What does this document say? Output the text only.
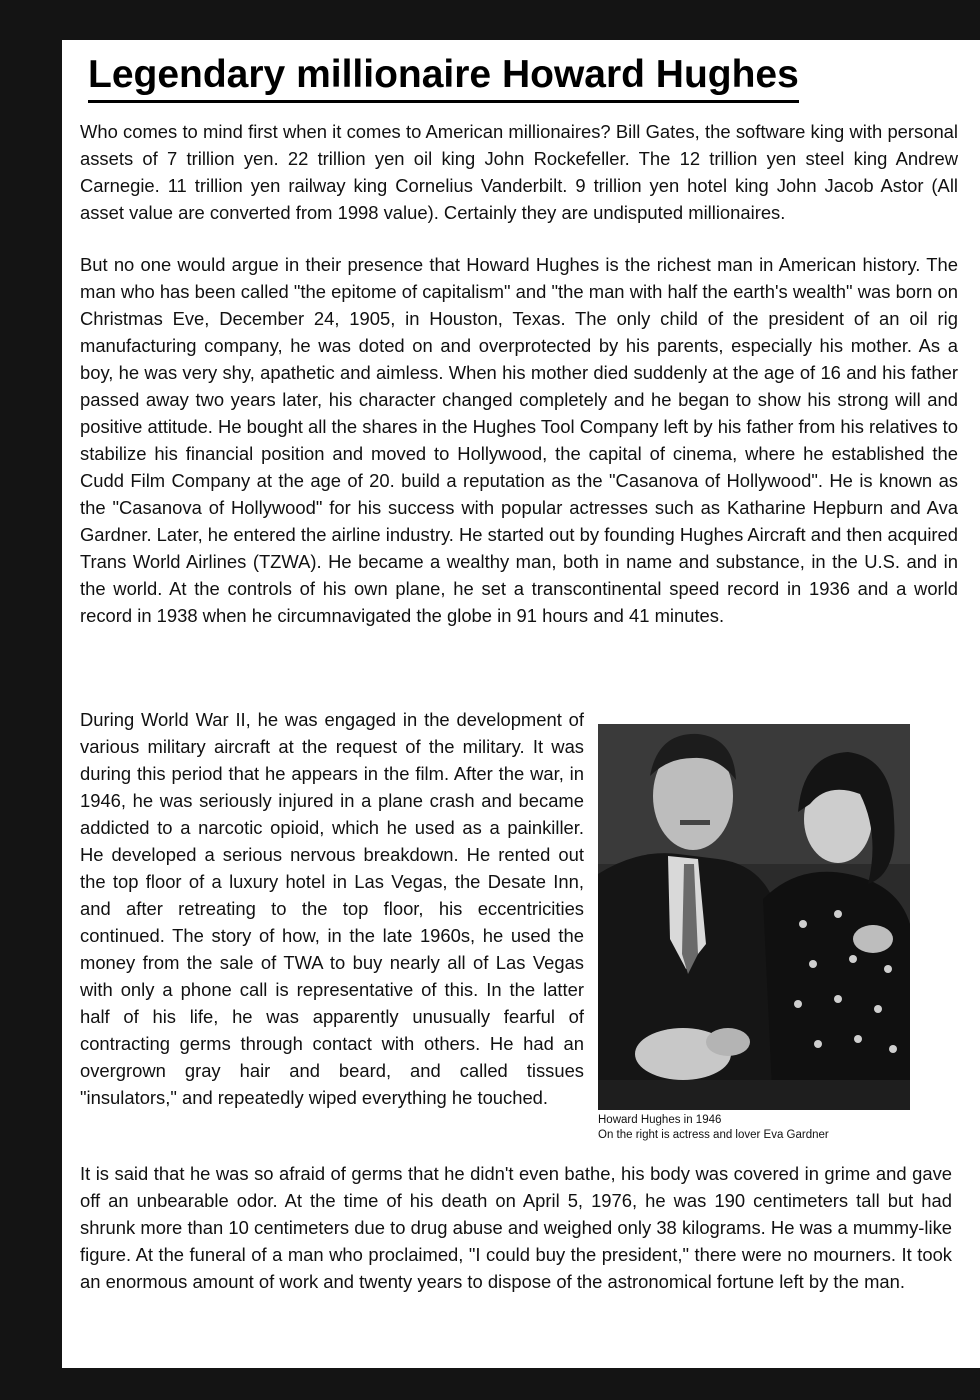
Legendary millionaire Howard Hughes

Who comes to mind first when it comes to American millionaires? Bill Gates, the software king with personal assets of 7 trillion yen. 22 trillion yen oil king John Rockefeller. The 12 trillion yen steel king Andrew Carnegie. 11 trillion yen railway king Cornelius Vanderbilt. 9 trillion yen hotel king John Jacob Astor (All asset value are converted from 1998 value). Certainly they are undisputed millionaires.

But no one would argue in their presence that Howard Hughes is the richest man in American history. The man who has been called "the epitome of capitalism" and "the man with half the earth's wealth" was born on Christmas Eve, December 24, 1905, in Houston, Texas. The only child of the president of an oil rig manufacturing company, he was doted on and overprotected by his parents, especially his mother. As a boy, he was very shy, apathetic and aimless. When his mother died suddenly at the age of 16 and his father passed away two years later, his character changed completely and he began to show his strong will and positive attitude. He bought all the shares in the Hughes Tool Company left by his father from his relatives to stabilize his financial position and moved to Hollywood, the capital of cinema, where he established the Cudd Film Company at the age of 20. build a reputation as the "Casanova of Hollywood". He is known as the "Casanova of Hollywood" for his success with popular actresses such as Katharine Hepburn and Ava Gardner. Later, he entered the airline industry. He started out by founding Hughes Aircraft and then acquired Trans World Airlines (TZWA). He became a wealthy man, both in name and substance, in the U.S. and in the world. At the controls of his own plane, he set a transcontinental speed record in 1936 and a world record in 1938 when he circumnavigated the globe in 91 hours and 41 minutes.

During World War II, he was engaged in the development of various military aircraft at the request of the military. It was during this period that he appears in the film. After the war, in 1946, he was seriously injured in a plane crash and became addicted to a narcotic opioid, which he used as a painkiller. He developed a serious nervous breakdown. He rented out the top floor of a luxury hotel in Las Vegas, the Desate Inn, and after retreating to the top floor, his eccentricities continued. The story of how, in the late 1960s, he used the money from the sale of TWA to buy nearly all of Las Vegas with only a phone call is representative of this. In the latter half of his life, he was apparently unusually fearful of contracting germs through contact with others. He had an overgrown gray hair and beard, and called tissues "insulators," and repeatedly wiped everything he touched.

Howard Hughes in 1946
On the right is actress and lover Eva Gardner

It is said that he was so afraid of germs that he didn't even bathe, his body was covered in grime and gave off an unbearable odor. At the time of his death on April 5, 1976, he was 190 centimeters tall but had shrunk more than 10 centimeters due to drug abuse and weighed only 38 kilograms. He was a mummy-like figure. At the funeral of a man who proclaimed, "I could buy the president," there were no mourners. It took an enormous amount of work and twenty years to dispose of the astronomical fortune left by the man.
